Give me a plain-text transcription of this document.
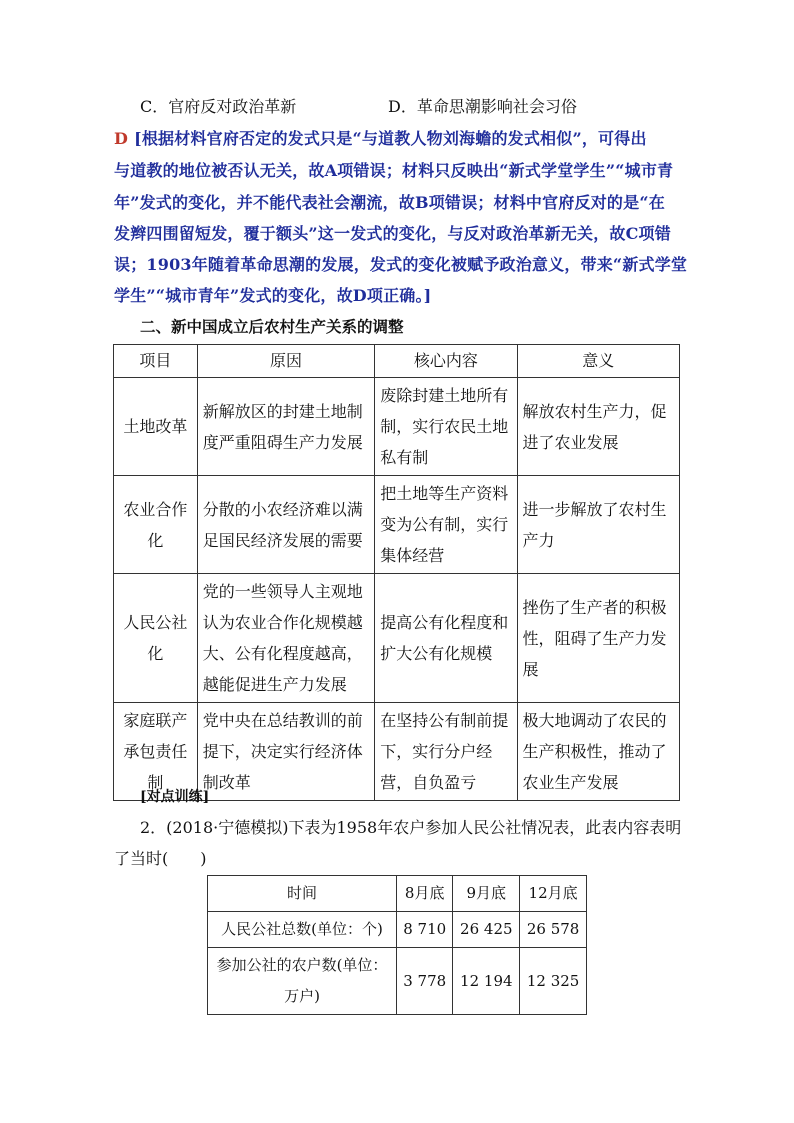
C．官府反对政治革新	D．革命思潮影响社会习俗
D [根据材料官府否定的发式只是“与道教人物刘海蟾的发式相似”，可得出
与道教的地位被否认无关，故A项错误；材料只反映出“新式学堂学生”“城市青
年”发式的变化，并不能代表社会潮流，故B项错误；材料中官府反对的是“在
发辫四围留短发，覆于额头”这一发式的变化，与反对政治革新无关，故C项错
误；1903年随着革命思潮的发展，发式的变化被赋予政治意义，带来“新式学堂
学生”“城市青年”发式的变化，故D项正确。]
二、新中国成立后农村生产关系的调整
项目	原因	核心内容	意义
土地改革	新解放区的封建土地制度严重阻碍生产力发展	废除封建土地所有制，实行农民土地私有制	解放农村生产力，促进了农业发展
农业合作化	分散的小农经济难以满足国民经济发展的需要	把土地等生产资料变为公有制，实行集体经营	进一步解放了农村生产力
人民公社化	党的一些领导人主观地认为农业合作化规模越大、公有化程度越高，越能促进生产力发展	提高公有化程度和扩大公有化规模	挫伤了生产者的积极性，阻碍了生产力发展
家庭联产承包责任制	党中央在总结教训的前提下，决定实行经济体制改革	在坚持公有制前提下，实行分户经营，自负盈亏	极大地调动了农民的生产积极性，推动了农业生产发展
[对点训练]
2．(2018·宁德模拟)下表为1958年农户参加人民公社情况表，此表内容表明
了当时(　　)
时间	8月底	9月底	12月底
人民公社总数(单位：个)	8 710	26 425	26 578
参加公社的农户数(单位：万户)	3 778	12 194	12 325
